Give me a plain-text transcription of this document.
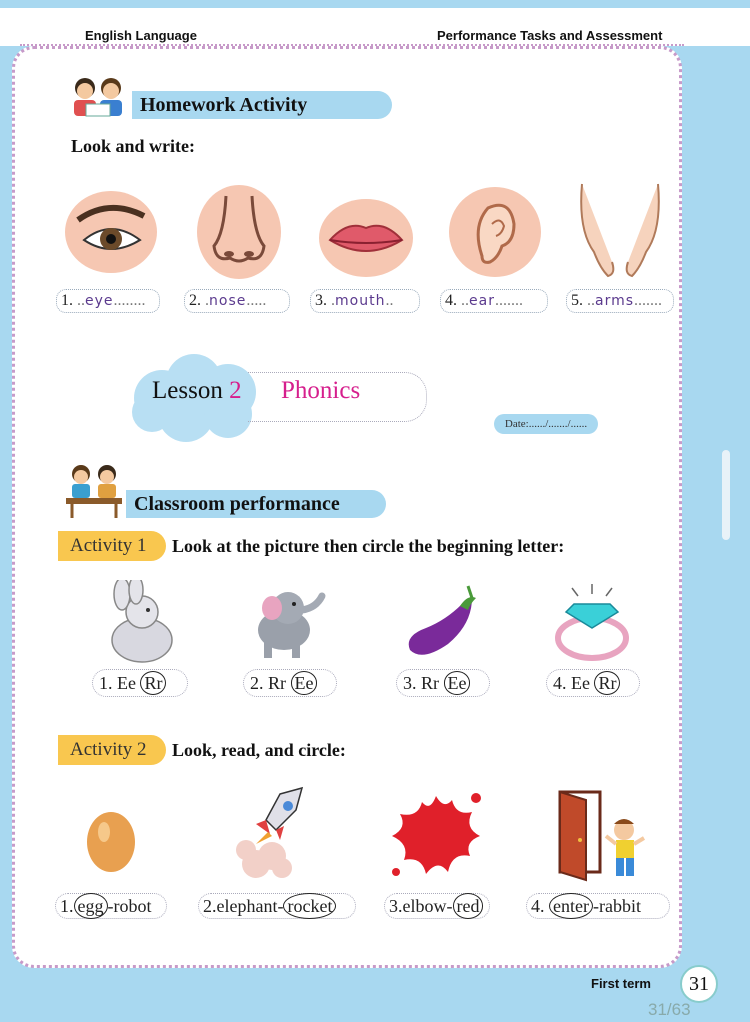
English Language	Performance Tasks and Assessment
Homework Activity
Look and write:
1.
.. eye ........	2.
. nose .....	3.
. mouth ..	4.
.. ear .......	5.
.. arms .......
Lesson 2 Phonics
Date:....../......./......
Classroom performance
Activity 1	Look at the picture then circle the beginning letter:
1.
Ee
Rr	2.
Rr
Ee	3.
Rr
Ee	4.
Ee
Rr
Activity 2	Look, read, and circle:
1. egg - robot	2. elephant - rocket	3. elbow - red	4.
enter - rabbit
First term	31
31/63
